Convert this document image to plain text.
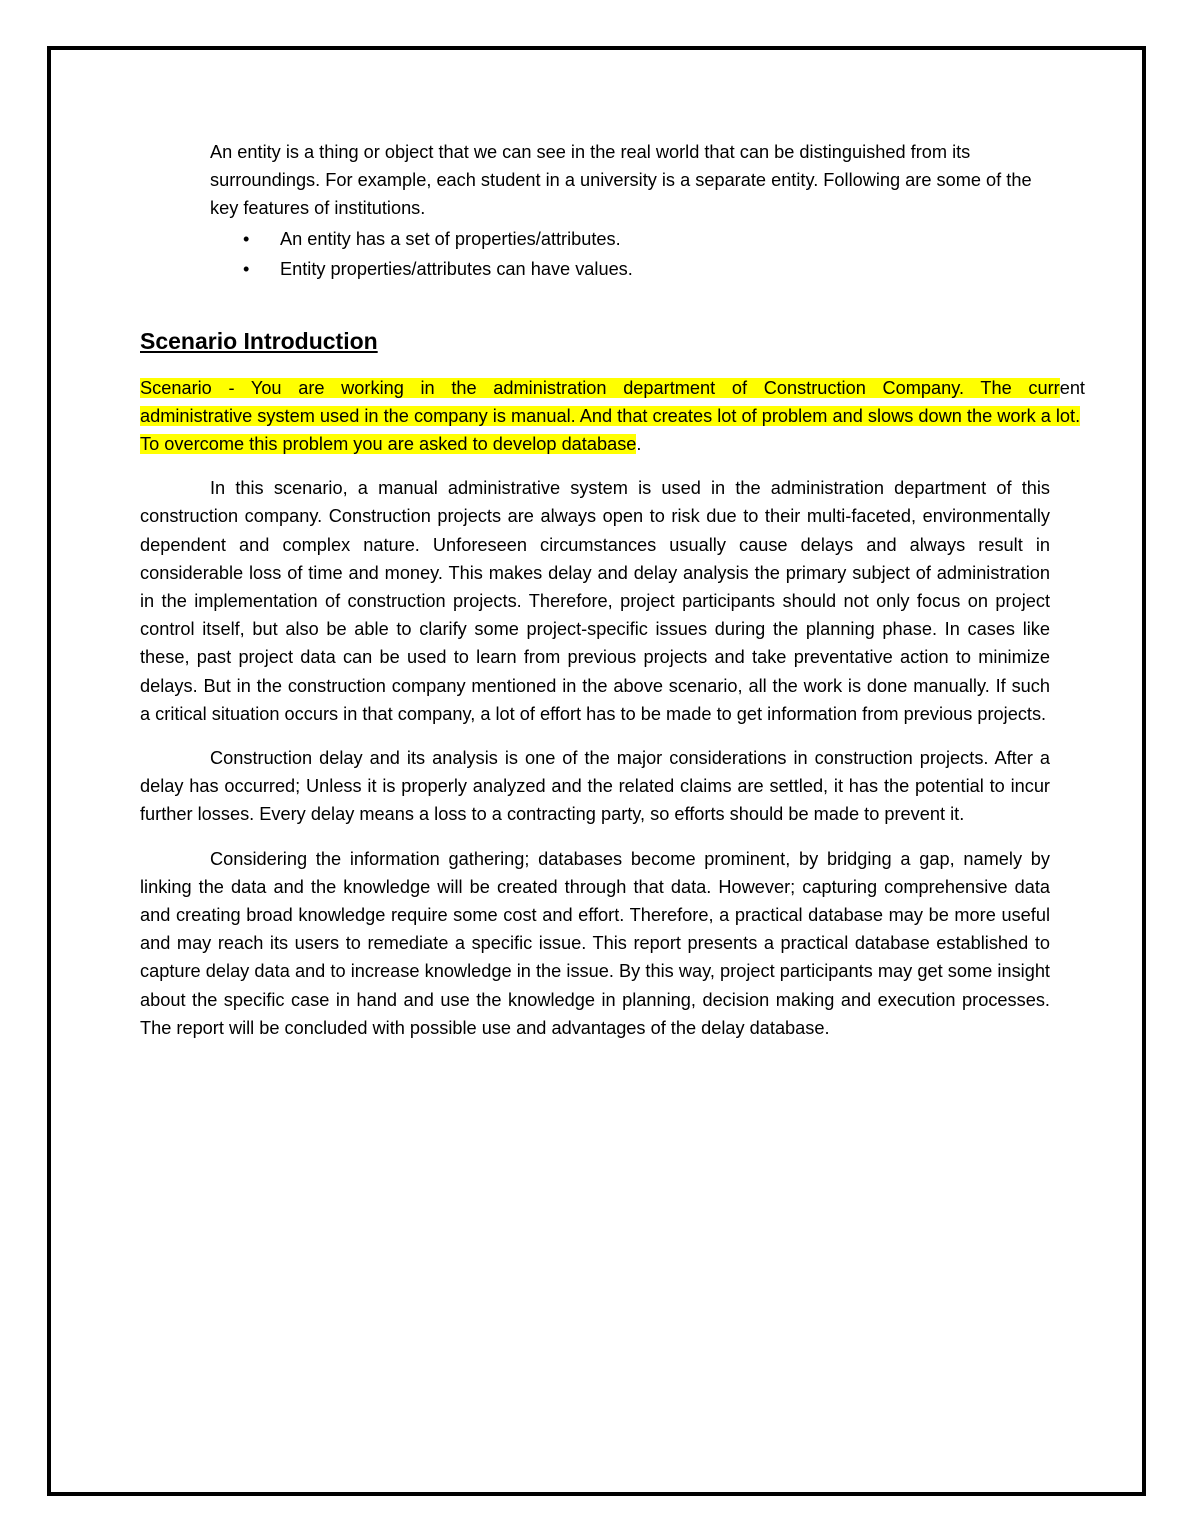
An entity is a thing or object that we can see in the real world that can be distinguished from its surroundings. For example, each student in a university is a separate entity. Following are some of the key features of institutions.

• An entity has a set of properties/attributes.
• Entity properties/attributes can have values.
Scenario Introduction

Scenario - You are working in the administration department of Construction Company. The current
administrative system used in the company is manual. And that creates lot of problem and slows down the work a lot. To overcome this problem you are asked to develop database.

In this scenario, a manual administrative system is used in the administration department of this construction company. Construction projects are always open to risk due to their multi-faceted, environmentally dependent and complex nature. Unforeseen circumstances usually cause delays and always result in considerable loss of time and money. This makes delay and delay analysis the primary subject of administration in the implementation of construction projects. Therefore, project participants should not only focus on project control itself, but also be able to clarify some project-specific issues during the planning phase. In cases like these, past project data can be used to learn from previous projects and take preventative action to minimize delays. But in the construction company mentioned in the above scenario, all the work is done manually. If such a critical situation occurs in that company, a lot of effort has to be made to get information from previous projects.

Construction delay and its analysis is one of the major considerations in construction projects. After a delay has occurred; Unless it is properly analyzed and the related claims are settled, it has the potential to incur further losses. Every delay means a loss to a contracting party, so efforts should be made to prevent it.

Considering the information gathering; databases become prominent, by bridging a gap, namely by linking the data and the knowledge will be created through that data. However; capturing comprehensive data and creating broad knowledge require some cost and effort. Therefore, a practical database may be more useful and may reach its users to remediate a specific issue. This report presents a practical database established to capture delay data and to increase knowledge in the issue. By this way, project participants may get some insight about the specific case in hand and use the knowledge in planning, decision making and execution processes. The report will be concluded with possible use and advantages of the delay database.
